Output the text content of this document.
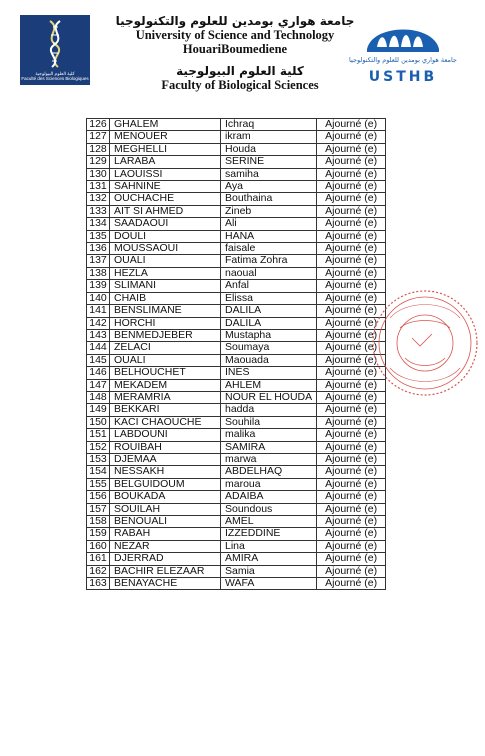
كلية العلوم البيولوجية
Faculté des Sciences Biologiques
جامعة هواري بومدين للعلوم والتكنولوجيا
University of Science and Technology
HouariBoumediene
كلية العلوم البيولوجية
Faculty of Biological Sciences
جامعة هواري بومدين للعلوم والتكنولوجيا
USTHB
126	GHALEM	Ichraq	Ajourné (e)
127	MENOUER	ikram	Ajourné (e)
128	MEGHELLI	Houda	Ajourné (e)
129	LARABA	SERINE	Ajourné (e)
130	LAOUISSI	samiha	Ajourné (e)
131	SAHNINE	Aya	Ajourné (e)
132	OUCHACHE	Bouthaina	Ajourné (e)
133	AIT SI AHMED	Zineb	Ajourné (e)
134	SAADAOUI	Ali	Ajourné (e)
135	DOULI	HANA	Ajourné (e)
136	MOUSSAOUI	faisale	Ajourné (e)
137	OUALI	Fatima Zohra	Ajourné (e)
138	HEZLA	naoual	Ajourné (e)
139	SLIMANI	Anfal	Ajourné (e)
140	CHAIB	Elissa	Ajourné (e)
141	BENSLIMANE	DALILA	Ajourné (e)
142	HORCHI	DALILA	Ajourné (e)
143	BENMEDJEBER	Mustapha	Ajourné (e)
144	ZELACI	Soumaya	Ajourné (e)
145	OUALI	Maouada	Ajourné (e)
146	BELHOUCHET	INES	Ajourné (e)
147	MEKADEM	AHLEM	Ajourné (e)
148	MERAMRIA	NOUR EL HOUDA	Ajourné (e)
149	BEKKARI	hadda	Ajourné (e)
150	KACI CHAOUCHE	Souhila	Ajourné (e)
151	LABDOUNI	malika	Ajourné (e)
152	ROUIBAH	SAMIRA	Ajourné (e)
153	DJEMAA	marwa	Ajourné (e)
154	NESSAKH	ABDELHAQ	Ajourné (e)
155	BELGUIDOUM	maroua	Ajourné (e)
156	BOUKADA	ADAIBA	Ajourné (e)
157	SOUILAH	Soundous	Ajourné (e)
158	BENOUALI	AMEL	Ajourné (e)
159	RABAH	IZZEDDINE	Ajourné (e)
160	NEZAR	Lina	Ajourné (e)
161	DJERRAD	AMIRA	Ajourné (e)
162	BACHIR ELEZAAR	Samia	Ajourné (e)
163	BENAYACHE	WAFA	Ajourné (e)
